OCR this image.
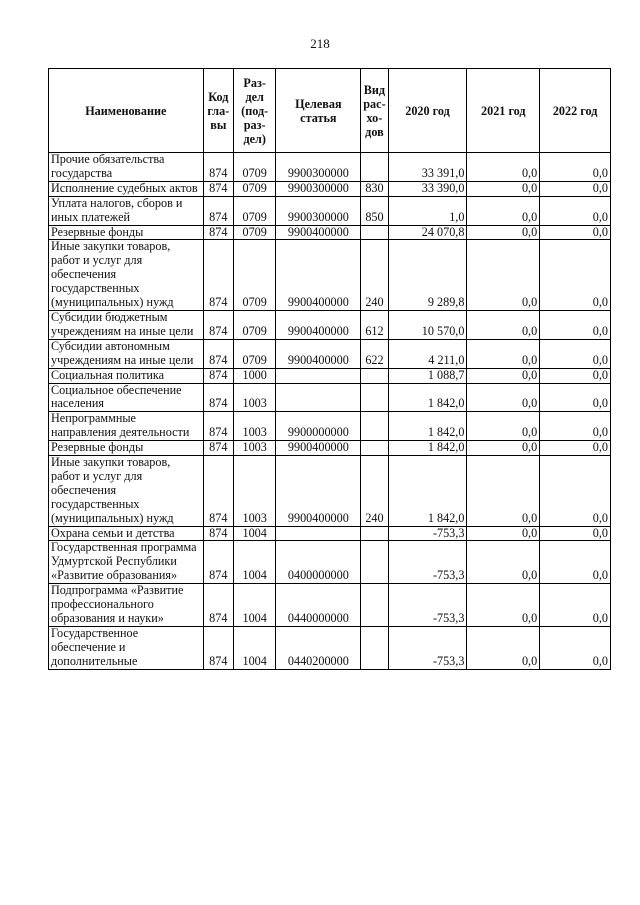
218
Наименование	Код гла- вы	Раз- дел (под- раз- дел)	Целевая статья	Вид рас- хо- дов	2020 год	2021 год	2022 год
Прочие обязательства государства	874	0709	9900300000		33 391,0	0,0	0,0
Исполнение судебных актов	874	0709	9900300000	830	33 390,0	0,0	0,0
Уплата налогов, сборов и иных платежей	874	0709	9900300000	850	1,0	0,0	0,0
Резервные фонды	874	0709	9900400000		24 070,8	0,0	0,0
Иные закупки товаров, работ и услуг для обеспечения государственных (муниципальных) нужд	874	0709	9900400000	240	9 289,8	0,0	0,0
Субсидии бюджетным учреждениям на иные цели	874	0709	9900400000	612	10 570,0	0,0	0,0
Субсидии автономным учреждениям на иные цели	874	0709	9900400000	622	4 211,0	0,0	0,0
Социальная политика	874	1000			1 088,7	0,0	0,0
Социальное обеспечение населения	874	1003			1 842,0	0,0	0,0
Непрограммные направления деятельности	874	1003	9900000000		1 842,0	0,0	0,0
Резервные фонды	874	1003	9900400000		1 842,0	0,0	0,0
Иные закупки товаров, работ и услуг для обеспечения государственных (муниципальных) нужд	874	1003	9900400000	240	1 842,0	0,0	0,0
Охрана семьи и детства	874	1004			-753,3	0,0	0,0
Государственная программа Удмуртской Республики «Развитие образования»	874	1004	0400000000		-753,3	0,0	0,0
Подпрограмма «Развитие профессионального образования и науки»	874	1004	0440000000		-753,3	0,0	0,0
Государственное обеспечение и дополнительные	874	1004	0440200000		-753,3	0,0	0,0
